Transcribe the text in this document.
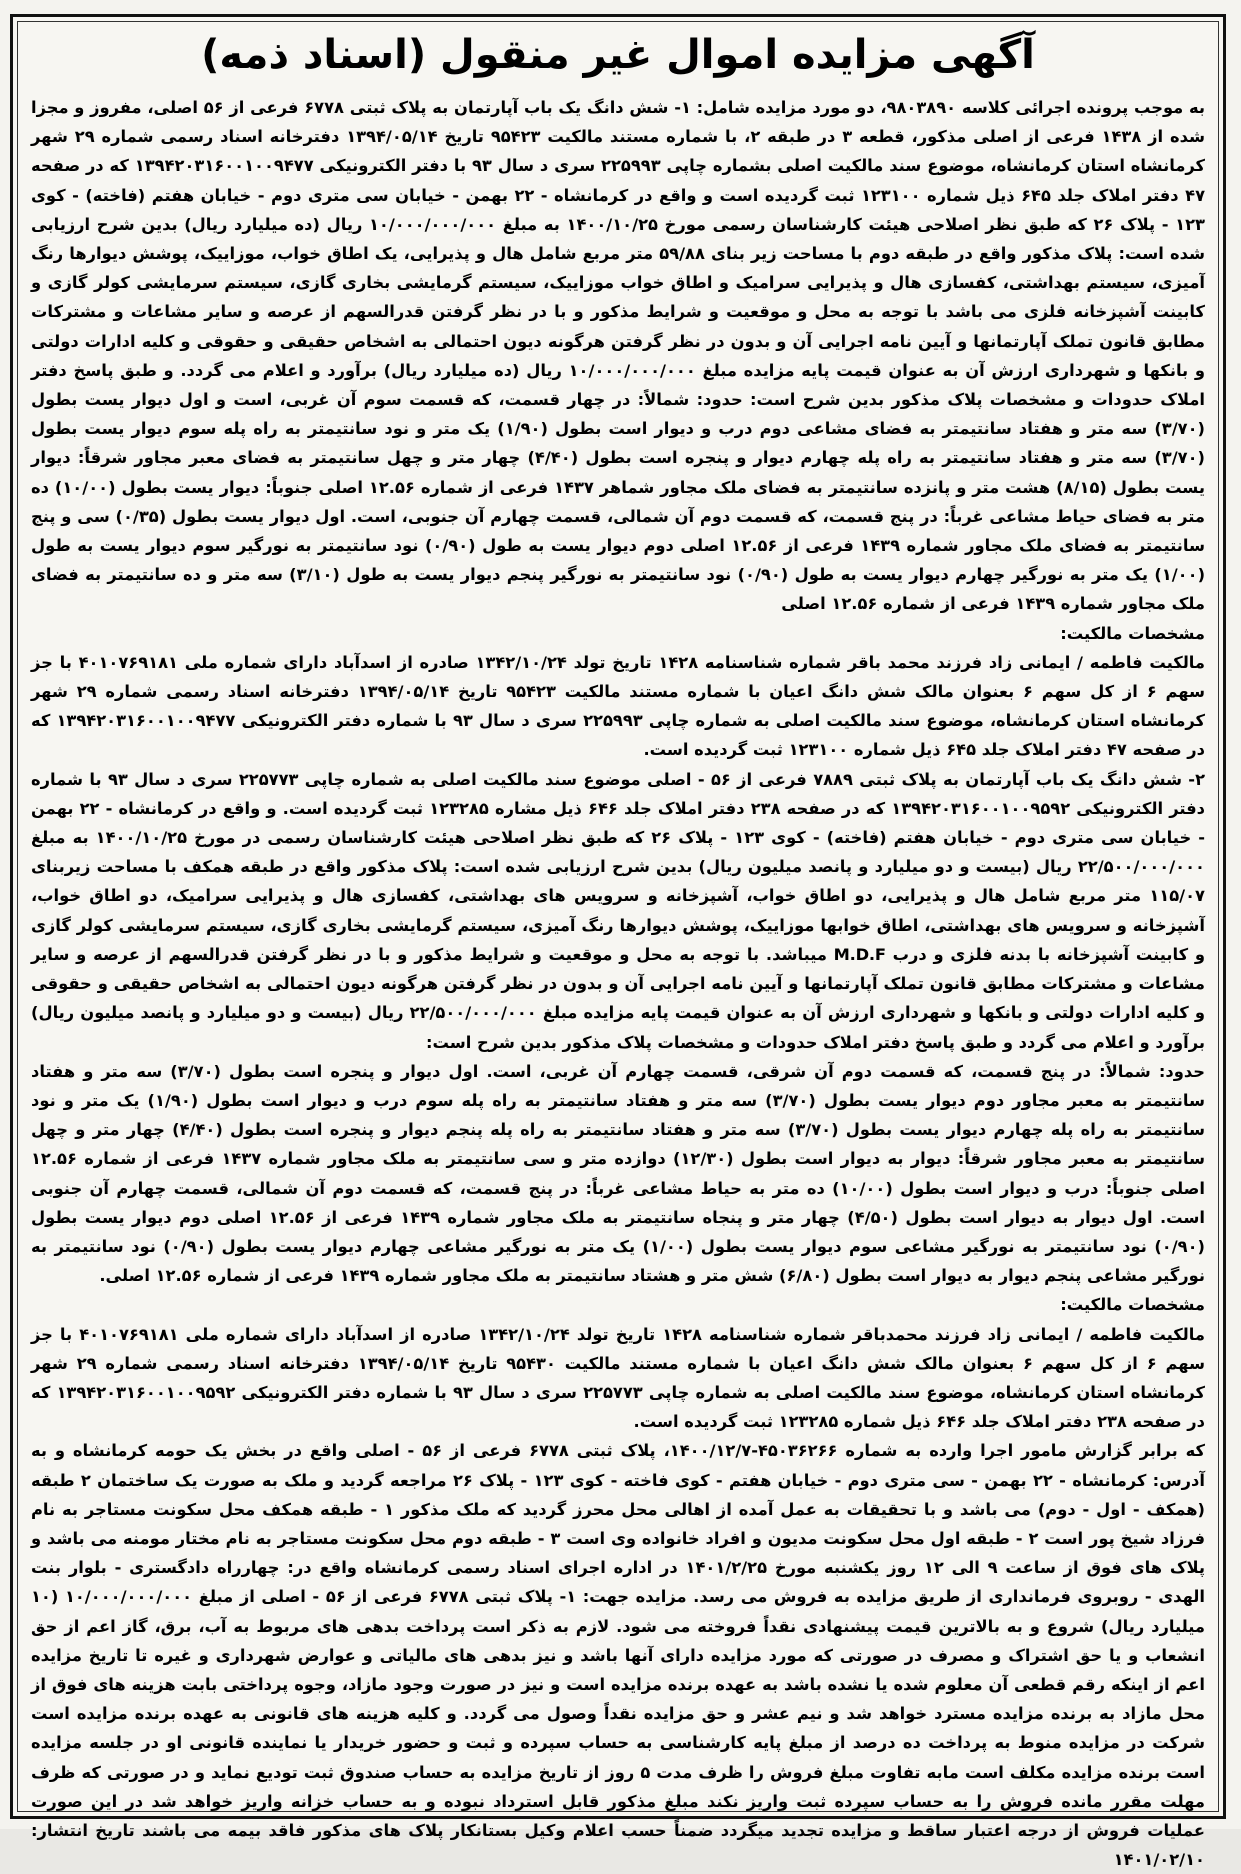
آگهی مزایده اموال غیر منقول (اسناد ذمه)

به موجب پرونده اجرائی کلاسه ۹۸۰۳۸۹۰، دو مورد مزایده شامل: ۱- شش دانگ یک باب آپارتمان به پلاک ثبتی ۶۷۷۸ فرعی از ۵۶ اصلی، مفروز و مجزا شده از ۱۴۳۸ فرعی از اصلی مذکور، قطعه ۳ در طبقه ۲، با شماره مستند مالکیت ۹۵۴۲۳ تاریخ ۱۳۹۴/۰۵/۱۴ دفترخانه اسناد رسمی شماره ۲۹ شهر کرمانشاه استان کرمانشاه، موضوع سند مالکیت اصلی بشماره چاپی ۲۲۵۹۹۳ سری د سال ۹۳ با دفتر الکترونیکی ۱۳۹۴۲۰۳۱۶۰۰۱۰۰۹۴۷۷ که در صفحه ۴۷ دفتر املاک جلد ۶۴۵ ذیل شماره ۱۲۳۱۰۰ ثبت گردیده است و واقع در کرمانشاه - ۲۲ بهمن - خیابان سی متری دوم - خیابان هفتم (فاخته) - کوی ۱۲۳ - پلاک ۲۶ که طبق نظر اصلاحی هیئت کارشناسان رسمی مورخ ۱۴۰۰/۱۰/۲۵ به مبلغ ۱۰/۰۰۰/۰۰۰/۰۰۰ ریال (ده میلیارد ریال) بدین شرح ارزیابی شده است: پلاک مذکور واقع در طبقه دوم با مساحت زیر بنای ۵۹/۸۸ متر مربع شامل هال و پذیرایی، یک اطاق خواب، موزاییک، پوشش دیوارها رنگ آمیزی، سیستم بهداشتی، کفسازی هال و پذیرایی سرامیک و اطاق خواب موزاییک، سیستم گرمایشی بخاری گازی، سیستم سرمایشی کولر گازی و کابینت آشپزخانه فلزی می باشد با توجه به محل و موقعیت و شرایط مذکور و با در نظر گرفتن قدرالسهم از عرصه و سایر مشاعات و مشترکات مطابق قانون تملک آپارتمانها و آیین نامه اجرایی آن و بدون در نظر گرفتن هرگونه دیون احتمالی به اشخاص حقیقی و حقوقی و کلیه ادارات دولتی و بانکها و شهرداری ارزش آن به عنوان قیمت پایه مزایده مبلغ ۱۰/۰۰۰/۰۰۰/۰۰۰ ریال (ده میلیارد ریال) برآورد و اعلام می گردد. و طبق پاسخ دفتر املاک حدودات و مشخصات پلاک مذکور بدین شرح است: حدود: شمالاً: در چهار قسمت، که قسمت سوم آن غربی، است و اول دیوار یست بطول (۳/۷۰) سه متر و هفتاد سانتیمتر به فضای مشاعی دوم درب و دیوار است بطول (۱/۹۰) یک متر و نود سانتیمتر به راه پله سوم دیوار یست بطول (۳/۷۰) سه متر و هفتاد سانتیمتر به راه پله چهارم دیوار و پنجره است بطول (۴/۴۰) چهار متر و چهل سانتیمتر به فضای معبر مجاور شرقاً: دیوار یست بطول (۸/۱۵) هشت متر و پانزده سانتیمتر به فضای ملک مجاور شماهر ۱۴۳۷ فرعی از شماره ۱۲.۵۶ اصلی جنوباً: دیوار یست بطول (۱۰/۰۰) ده متر به فضای حیاط مشاعی غرباً: در پنج قسمت، که قسمت دوم آن شمالی، قسمت چهارم آن جنوبی، است. اول دیوار یست بطول (۰/۳۵) سی و پنج سانتیمتر به فضای ملک مجاور شماره ۱۴۳۹ فرعی از ۱۲.۵۶ اصلی دوم دیوار یست به طول (۰/۹۰) نود سانتیمتر به نورگیر سوم دیوار یست به طول (۱/۰۰) یک متر به نورگیر چهارم دیوار یست به طول (۰/۹۰) نود سانتیمتر به نورگیر پنجم دیوار یست به طول (۳/۱۰) سه متر و ده سانتیمتر به فضای ملک مجاور شماره ۱۴۳۹ فرعی از شماره ۱۲.۵۶ اصلی

مشخصات مالکیت:

مالکیت فاطمه / ایمانی زاد فرزند محمد باقر شماره شناسنامه ۱۴۲۸ تاریخ تولد ۱۳۴۲/۱۰/۲۴ صادره از اسدآباد دارای شماره ملی ۴۰۱۰۷۶۹۱۸۱ با جز سهم ۶ از کل سهم ۶ بعنوان مالک شش دانگ اعیان با شماره مستند مالکیت ۹۵۴۲۳ تاریخ ۱۳۹۴/۰۵/۱۴ دفترخانه اسناد رسمی شماره ۲۹ شهر کرمانشاه استان کرمانشاه، موضوع سند مالکیت اصلی به شماره چاپی ۲۲۵۹۹۳ سری د سال ۹۳ با شماره دفتر الکترونیکی ۱۳۹۴۲۰۳۱۶۰۰۱۰۰۹۴۷۷ که در صفحه ۴۷ دفتر املاک جلد ۶۴۵ ذیل شماره ۱۲۳۱۰۰ ثبت گردیده است.

۲- شش دانگ یک باب آپارتمان به پلاک ثبتی ۷۸۸۹ فرعی از ۵۶ - اصلی موضوع سند مالکیت اصلی به شماره چاپی ۲۲۵۷۷۳ سری د سال ۹۳ با شماره دفتر الکترونیکی ۱۳۹۴۲۰۳۱۶۰۰۱۰۰۹۵۹۲ که در صفحه ۲۳۸ دفتر املاک جلد ۶۴۶ ذیل مشاره ۱۲۳۲۸۵ ثبت گردیده است. و واقع در کرمانشاه - ۲۲ بهمن - خیابان سی متری دوم - خیابان هفتم (فاخته) - کوی ۱۲۳ - پلاک ۲۶ که طبق نظر اصلاحی هیئت کارشناسان رسمی در مورخ ۱۴۰۰/۱۰/۲۵ به مبلغ ۲۲/۵۰۰/۰۰۰/۰۰۰ ریال (بیست و دو میلیارد و پانصد میلیون ریال) بدین شرح ارزیابی شده است: پلاک مذکور واقع در طبقه همکف با مساحت زیربنای ۱۱۵/۰۷ متر مربع شامل هال و پذیرایی، دو اطاق خواب، آشپزخانه و سرویس های بهداشتی، کفسازی هال و پذیرایی سرامیک، دو اطاق خواب، آشپزخانه و سرویس های بهداشتی، اطاق خوابها موزاییک، پوشش دیوارها رنگ آمیزی، سیستم گرمایشی بخاری گازی، سیستم سرمایشی کولر گازی و کابینت آشپزخانه با بدنه فلزی و درب M.D.F میباشد. با توجه به محل و موقعیت و شرایط مذکور و با در نظر گرفتن قدرالسهم از عرصه و سایر مشاعات و مشترکات مطابق قانون تملک آپارتمانها و آیین نامه اجرایی آن و بدون در نظر گرفتن هرگونه دیون احتمالی به اشخاص حقیقی و حقوقی و کلیه ادارات دولتی و بانکها و شهرداری ارزش آن به عنوان قیمت پایه مزایده مبلغ ۲۲/۵۰۰/۰۰۰/۰۰۰ ریال (بیست و دو میلیارد و پانصد میلیون ریال) برآورد و اعلام می گردد و طبق پاسخ دفتر املاک حدودات و مشخصات پلاک مذکور بدین شرح است:

حدود: شمالاً: در پنج قسمت، که قسمت دوم آن شرقی، قسمت چهارم آن غربی، است. اول دیوار و پنجره است بطول (۳/۷۰) سه متر و هفتاد سانتیمتر به معبر مجاور دوم دیوار یست بطول (۳/۷۰) سه متر و هفتاد سانتیمتر به راه پله سوم درب و دیوار است بطول (۱/۹۰) یک متر و نود سانتیمتر به راه پله چهارم دیوار یست بطول (۳/۷۰) سه متر و هفتاد سانتیمتر به راه پله پنجم دیوار و پنجره است بطول (۴/۴۰) چهار متر و چهل سانتیمتر به معبر مجاور شرقاً: دیوار به دیوار است بطول (۱۲/۳۰) دوازده متر و سی سانتیمتر به ملک مجاور شماره ۱۴۳۷ فرعی از شماره ۱۲.۵۶ اصلی جنوباً: درب و دیوار است بطول (۱۰/۰۰) ده متر به حیاط مشاعی غرباً: در پنج قسمت، که قسمت دوم آن شمالی، قسمت چهارم آن جنوبی است. اول دیوار به دیوار است بطول (۴/۵۰) چهار متر و پنجاه سانتیمتر به ملک مجاور شماره ۱۴۳۹ فرعی از ۱۲.۵۶ اصلی دوم دیوار یست بطول (۰/۹۰) نود سانتیمتر به نورگیر مشاعی سوم دیوار یست بطول (۱/۰۰) یک متر به نورگیر مشاعی چهارم دیوار یست بطول (۰/۹۰) نود سانتیمتر به نورگیر مشاعی پنجم دیوار به دیوار است بطول (۶/۸۰) شش متر و هشتاد سانتیمتر به ملک مجاور شماره ۱۴۳۹ فرعی از شماره ۱۲.۵۶ اصلی.

مشخصات مالکیت:

مالکیت فاطمه / ایمانی زاد فرزند محمدباقر شماره شناسنامه ۱۴۲۸ تاریخ تولد ۱۳۴۲/۱۰/۲۴ صادره از اسدآباد دارای شماره ملی ۴۰۱۰۷۶۹۱۸۱ با جز سهم ۶ از کل سهم ۶ بعنوان مالک شش دانگ اعیان با شماره مستند مالکیت ۹۵۴۳۰ تاریخ ۱۳۹۴/۰۵/۱۴ دفترخانه اسناد رسمی شماره ۲۹ شهر کرمانشاه استان کرمانشاه، موضوع سند مالکیت اصلی به شماره چاپی ۲۲۵۷۷۳ سری د سال ۹۳ با شماره دفتر الکترونیکی ۱۳۹۴۲۰۳۱۶۰۰۱۰۰۹۵۹۲ که در صفحه ۲۳۸ دفتر املاک جلد ۶۴۶ ذیل شماره ۱۲۳۲۸۵ ثبت گردیده است.

که برابر گزارش مامور اجرا وارده به شماره ۴۵۰۳۶۲۶۶-۱۴۰۰/۱۲/۷، پلاک ثبتی ۶۷۷۸ فرعی از ۵۶ - اصلی واقع در بخش یک حومه کرمانشاه و به آدرس: کرمانشاه - ۲۲ بهمن - سی متری دوم - خیابان هفتم - کوی فاخته - کوی ۱۲۳ - پلاک ۲۶ مراجعه گردید و ملک به صورت یک ساختمان ۲ طبقه (همکف - اول - دوم) می باشد و با تحقیقات به عمل آمده از اهالی محل محرز گردید که ملک مذکور ۱ - طبقه همکف محل سکونت مستاجر به نام فرزاد شیخ پور است ۲ - طبقه اول محل سکونت مدیون و افراد خانواده وی است ۳ - طبقه دوم محل سکونت مستاجر به نام مختار مومنه می باشد و پلاک های فوق از ساعت ۹ الی ۱۲ روز یکشنبه مورخ ۱۴۰۱/۲/۲۵ در اداره اجرای اسناد رسمی کرمانشاه واقع در: چهارراه دادگستری - بلوار بنت الهدی - روبروی فرمانداری از طریق مزایده به فروش می رسد. مزایده جهت: ۱- پلاک ثبتی ۶۷۷۸ فرعی از ۵۶ - اصلی از مبلغ ۱۰/۰۰۰/۰۰۰/۰۰۰ (۱۰ میلیارد ریال) شروع و به بالاترین قیمت پیشنهادی نقداً فروخته می شود. لازم به ذکر است پرداخت بدهی های مربوط به آب، برق، گاز اعم از حق انشعاب و یا حق اشتراک و مصرف در صورتی که مورد مزایده دارای آنها باشد و نیز بدهی های مالیاتی و عوارض شهرداری و غیره تا تاریخ مزایده اعم از اینکه رقم قطعی آن معلوم شده یا نشده باشد به عهده برنده مزایده است و نیز در صورت وجود مازاد، وجوه پرداختی بابت هزینه های فوق از محل مازاد به برنده مزایده مسترد خواهد شد و نیم عشر و حق مزایده نقداً وصول می گردد. و کلیه هزینه های قانونی به عهده برنده مزایده است شرکت در مزایده منوط به پرداخت ده درصد از مبلغ پایه کارشناسی به حساب سپرده و ثبت و حضور خریدار یا نماینده قانونی او در جلسه مزایده است برنده مزایده مکلف است مابه تفاوت مبلغ فروش را ظرف مدت ۵ روز از تاریخ مزایده به حساب صندوق ثبت تودیع نماید و در صورتی که ظرف مهلت مقرر مانده فروش را به حساب سپرده ثبت واریز نکند مبلغ مذکور قابل استرداد نبوده و به حساب خزانه واریز خواهد شد در این صورت عملیات فروش از درجه اعتبار ساقط و مزایده تجدید میگردد ضمناً حسب اعلام وکیل بستانکار پلاک های مذکور فاقد بیمه می باشند تاریخ انتشار: ۱۴۰۱/۰۲/۱۰
